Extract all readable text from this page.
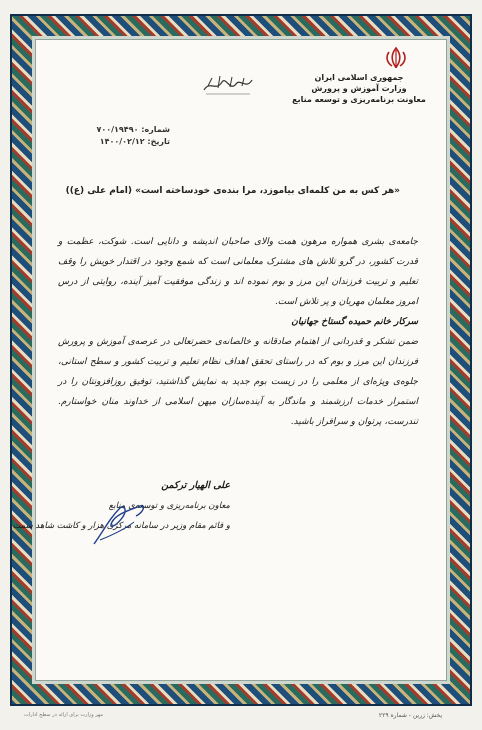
جمهوری اسلامی ایران
وزارت آموزش و پرورش
معاونت برنامه‌ریزی و توسعه منابع
شماره: ۷۰۰/۱۹۴۹۰
تاریخ: ۱۴۰۰/۰۲/۱۲
«هر کس به من کلمه‌ای بیاموزد، مرا بنده‌ی خودساخته است» (امام علی (ع))

جامعه‌ی بشری همواره مرهون همت والای صاحبان اندیشه و دانایی است. شوکت، عظمت و قدرت کشور، در گرو تلاش های مشترک معلمانی است که شمع وجود در اقتدار خویش را وقف تعلیم و تربیت فرزندان این مرز و بوم نموده اند و زندگی موفقیت آمیز آینده، روایتی از درس امروز معلمان مهربان و پر تلاش است.

سرکار خانم حمیده گستاخ جهانیان

ضمن تشکر و قدردانی از اهتمام صادقانه و خالصانه‌ی حضرتعالی در عرصه‌ی آموزش و پرورش فرزندان این مرز و بوم که در راستای تحقق اهداف نظام تعلیم و تربیت کشور و سطح استانی، جلوه‌ی ویژه‌ای از معلمی را در زیست بوم جدید به نمایش گذاشتید، توفیق روزافزونتان را در استمرار خدمات ارزشمند و ماندگار به آینده‌سازان میهن اسلامی از خداوند منان خواستارم. تندرست، پرتوان و سرافراز باشید.

علی الهیار ترکمن
معاون برنامه‌ریزی و توسعه‌ی منابع
و قائم مقام وزیر در سامانه مرکزی هزار و کاشت شاهد سمت
پخش: زرین - شماره ۲۲۹
مهر وزارت برای ارائه در سطح ادارات
